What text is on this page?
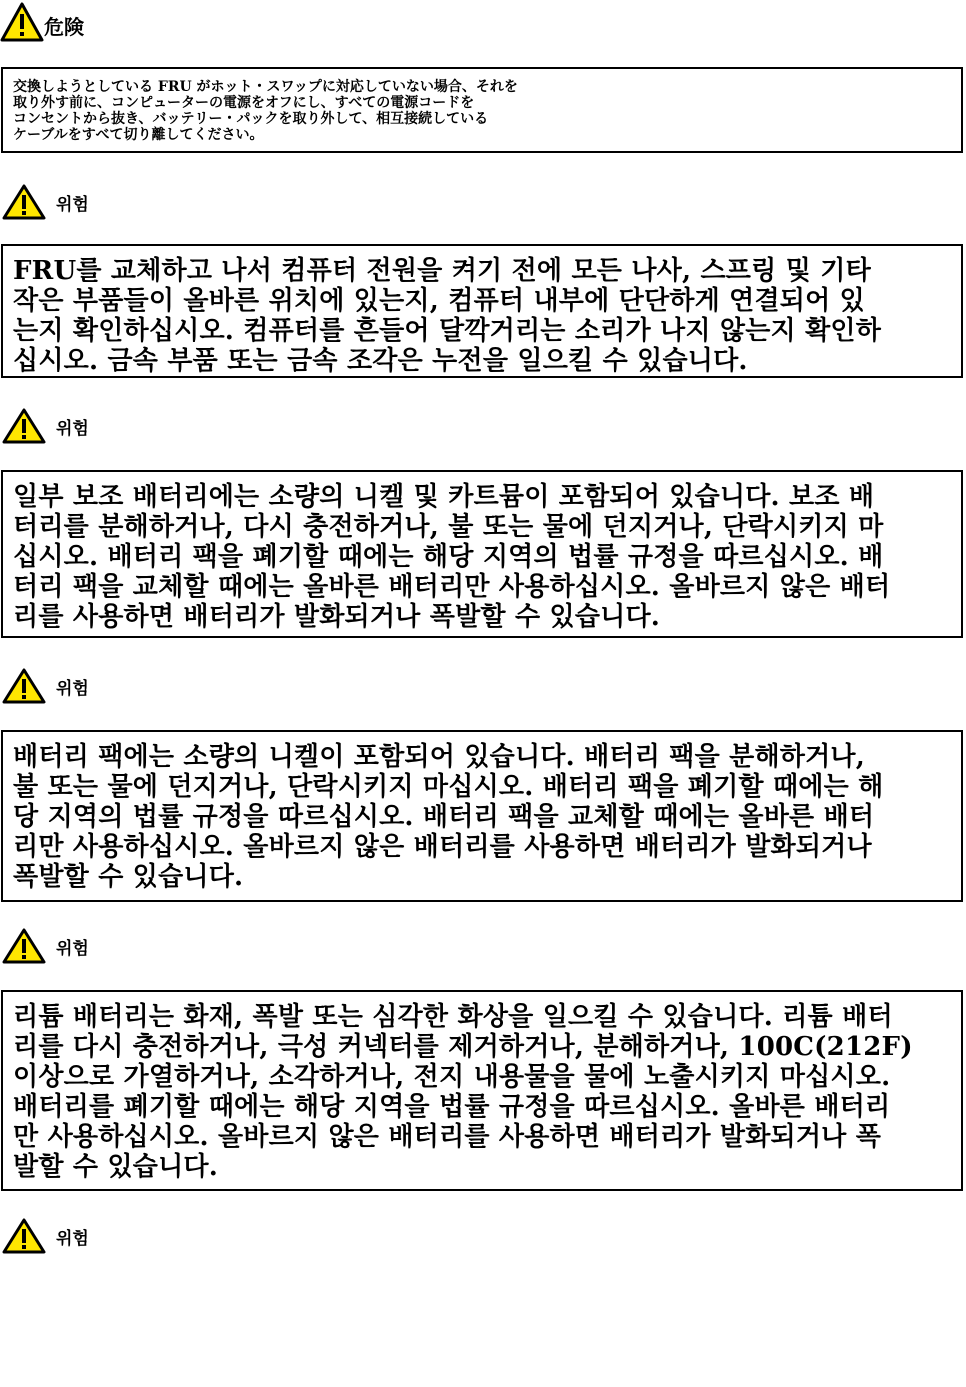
危険
交換しようとしている FRU がホット・スワップに対応していない場合、それを
取り外す前に、コンピューターの電源をオフにし、すべての電源コードを
コンセントから抜き、バッテリー・パックを取り外して、相互接続している
ケーブルをすべて切り離してください。
위험
FRU를 교체하고 나서 컴퓨터 전원을 켜기 전에 모든 나사, 스프링 및 기타
작은 부품들이 올바른 위치에 있는지, 컴퓨터 내부에 단단하게 연결되어 있
는지 확인하십시오. 컴퓨터를 흔들어 달깍거리는 소리가 나지 않는지 확인하
십시오. 금속 부품 또는 금속 조각은 누전을 일으킬 수 있습니다.
위험
일부 보조 배터리에는 소량의 니켈 및 카트뮴이 포함되어 있습니다. 보조 배
터리를 분해하거나, 다시 충전하거나, 불 또는 물에 던지거나, 단락시키지 마
십시오. 배터리 팩을 폐기할 때에는 해당 지역의 법률 규정을 따르십시오. 배
터리 팩을 교체할 때에는 올바른 배터리만 사용하십시오. 올바르지 않은 배터
리를 사용하면 배터리가 발화되거나 폭발할 수 있습니다.
위험
배터리 팩에는 소량의 니켈이 포함되어 있습니다. 배터리 팩을 분해하거나,
불 또는 물에 던지거나, 단락시키지 마십시오. 배터리 팩을 폐기할 때에는 해
당 지역의 법률 규정을 따르십시오. 배터리 팩을 교체할 때에는 올바른 배터
리만 사용하십시오. 올바르지 않은 배터리를 사용하면 배터리가 발화되거나
폭발할 수 있습니다.
위험
리튬 배터리는 화재, 폭발 또는 심각한 화상을 일으킬 수 있습니다. 리튬 배터
리를 다시 충전하거나, 극성 커넥터를 제거하거나, 분해하거나, 100C(212F)
이상으로 가열하거나, 소각하거나, 전지 내용물을 물에 노출시키지 마십시오.
배터리를 폐기할 때에는 해당 지역을 법률 규정을 따르십시오. 올바른 배터리
만 사용하십시오. 올바르지 않은 배터리를 사용하면 배터리가 발화되거나 폭
발할 수 있습니다.
위험
